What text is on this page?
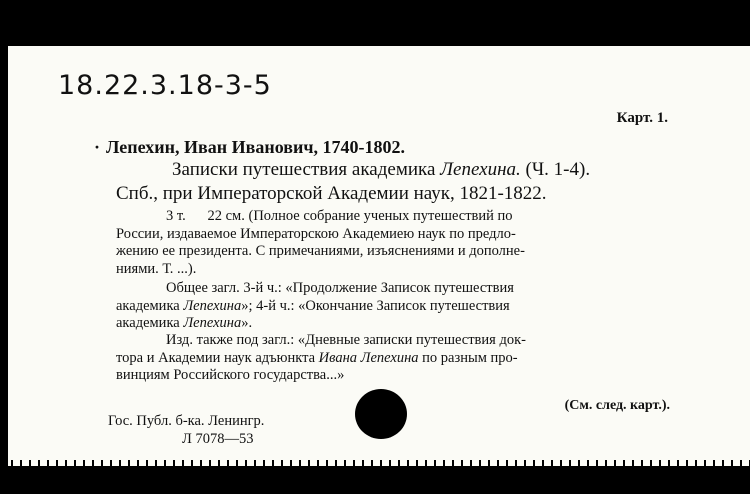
18.22.3.18-3-5
Карт. 1.
· Лепехин, Иван Иванович, 1740-1802.
Записки путешествия академика Лепехина. (Ч. 1-4).
Спб., при Императорской Академии наук, 1821-1822.

3 т. 22 см. (Полное собрание ученых путешествий по

России, издаваемое Императорскою Академиею наук по предло-

жению ее президента. С примечаниями, изъяснениями и дополне-

ниями. Т. ...).

Общее загл. 3-й ч.: «Продолжение Записок путешествия

академика Лепехина»; 4-й ч.: «Окончание Записок путешествия

академика Лепехина».

Изд. также под загл.: «Дневные записки путешествия док-

тора и Академии наук адъюнкта Ивана Лепехина по разным про-

винциям Российского государства...»

(См. след. карт.).
Гос. Публ. б-ка. Ленингр.
Л 7078—53
